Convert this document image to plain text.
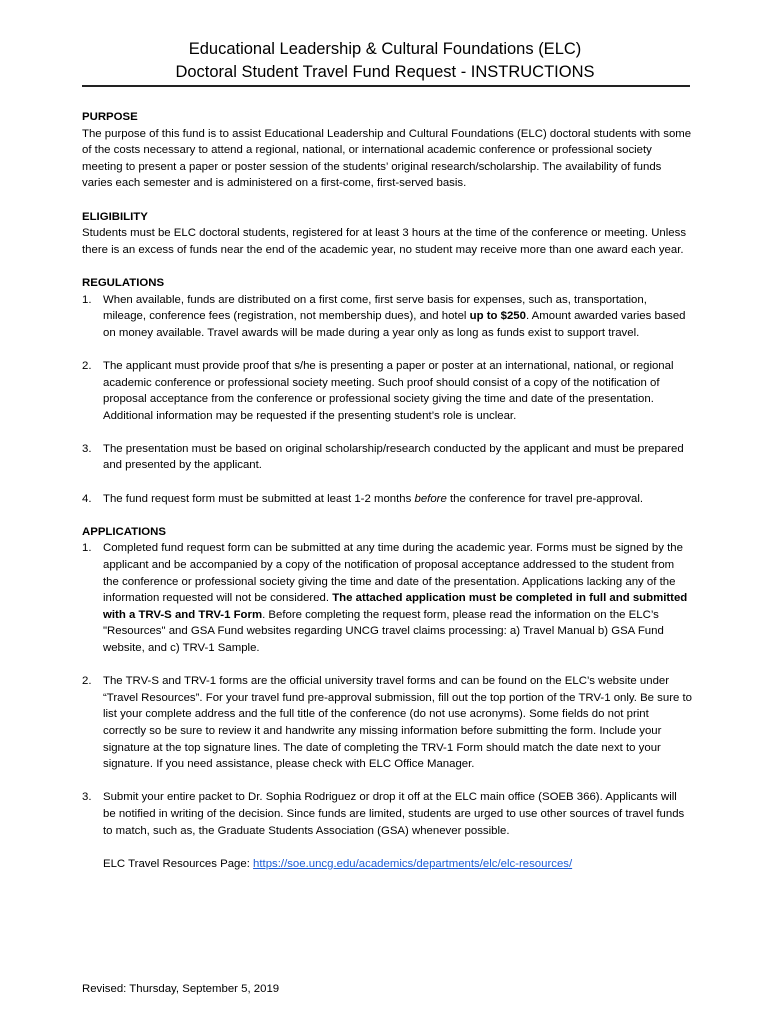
Educational Leadership & Cultural Foundations (ELC)
Doctoral Student Travel Fund Request - INSTRUCTIONS

PURPOSE

The purpose of this fund is to assist Educational Leadership and Cultural Foundations (ELC) doctoral students with some of the costs necessary to attend a regional, national, or international academic conference or professional society meeting to present a paper or poster session of the students’ original research/scholarship. The availability of funds varies each semester and is administered on a first-come, first-served basis.

ELIGIBILITY

Students must be ELC doctoral students, registered for at least 3 hours at the time of the conference or meeting. Unless there is an excess of funds near the end of the academic year, no student may receive more than one award each year.

REGULATIONS

1. When available, funds are distributed on a first come, first serve basis for expenses, such as, transportation, mileage, conference fees (registration, not membership dues), and hotel up to $250. Amount awarded varies based on money available. Travel awards will be made during a year only as long as funds exist to support travel.
2. The applicant must provide proof that s/he is presenting a paper or poster at an international, national, or regional academic conference or professional society meeting. Such proof should consist of a copy of the notification of proposal acceptance from the conference or professional society giving the time and date of the presentation. Additional information may be requested if the presenting student’s role is unclear.
3. The presentation must be based on original scholarship/research conducted by the applicant and must be prepared and presented by the applicant.
4. The fund request form must be submitted at least 1-2 months before the conference for travel pre-approval.

APPLICATIONS

1. Completed fund request form can be submitted at any time during the academic year. Forms must be signed by the applicant and be accompanied by a copy of the notification of proposal acceptance addressed to the student from the conference or professional society giving the time and date of the presentation. Applications lacking any of the information requested will not be considered. The attached application must be completed in full and submitted with a TRV-S and TRV-1 Form. Before completing the request form, please read the information on the ELC’s "Resources" and GSA Fund websites regarding UNCG travel claims processing: a) Travel Manual b) GSA Fund website, and c) TRV-1 Sample.
2. The TRV-S and TRV-1 forms are the official university travel forms and can be found on the ELC’s website under “Travel Resources”. For your travel fund pre-approval submission, fill out the top portion of the TRV-1 only. Be sure to list your complete address and the full title of the conference (do not use acronyms). Some fields do not print correctly so be sure to review it and handwrite any missing information before submitting the form. Include your signature at the top signature lines. The date of completing the TRV-1 Form should match the date next to your signature. If you need assistance, please check with ELC Office Manager.
3. Submit your entire packet to Dr. Sophia Rodriguez or drop it off at the ELC main office (SOEB 366). Applicants will be notified in writing of the decision. Since funds are limited, students are urged to use other sources of travel funds to match, such as, the Graduate Students Association (GSA) whenever possible.
ELC Travel Resources Page: https://soe.uncg.edu/academics/departments/elc/elc-resources/
Revised: Thursday, September 5, 2019
